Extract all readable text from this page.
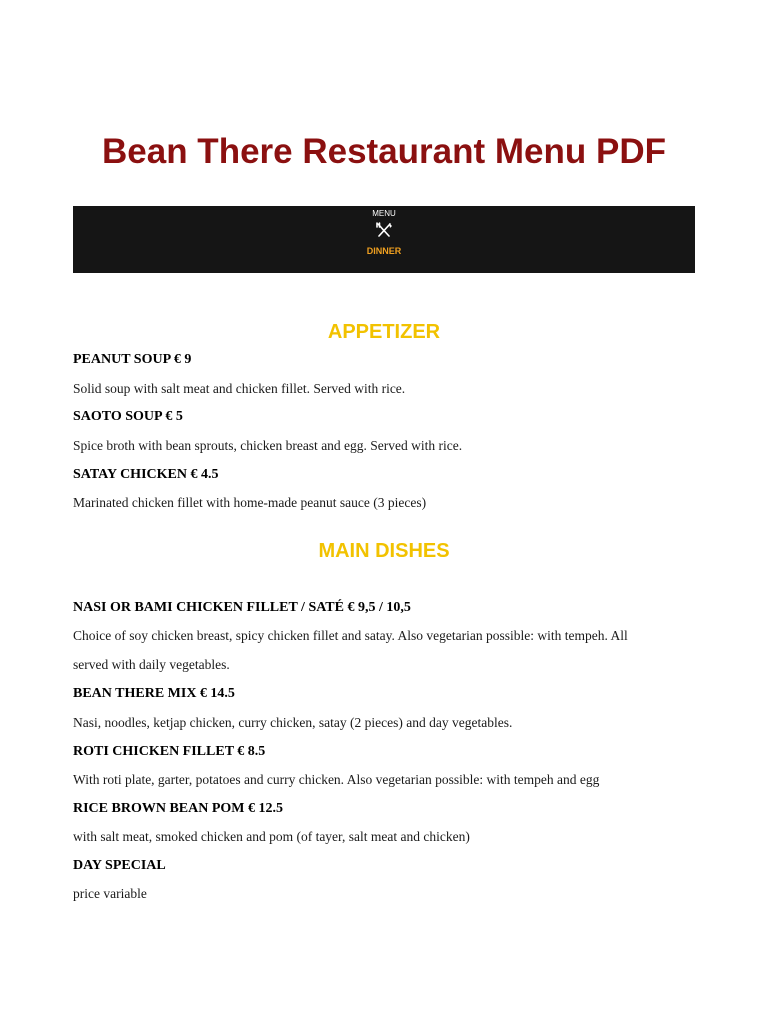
Bean There Restaurant Menu PDF
MENU
DINNER
APPETIZER
PEANUT SOUP € 9
Solid soup with salt meat and chicken fillet. Served with rice.
SAOTO SOUP € 5
Spice broth with bean sprouts, chicken breast and egg. Served with rice.
SATAY CHICKEN € 4.5
Marinated chicken fillet with home-made peanut sauce (3 pieces)
MAIN DISHES
NASI OR BAMI CHICKEN FILLET / SATÉ € 9,5 / 10,5
Choice of soy chicken breast, spicy chicken fillet and satay. Also vegetarian possible: with tempeh. All served with daily vegetables.
BEAN THERE MIX € 14.5
Nasi, noodles, ketjap chicken, curry chicken, satay (2 pieces) and day vegetables.
ROTI CHICKEN FILLET € 8.5
With roti plate, garter, potatoes and curry chicken. Also vegetarian possible: with tempeh and egg
RICE BROWN BEAN POM € 12.5
with salt meat, smoked chicken and pom (of tayer, salt meat and chicken)
DAY SPECIAL
price variable
